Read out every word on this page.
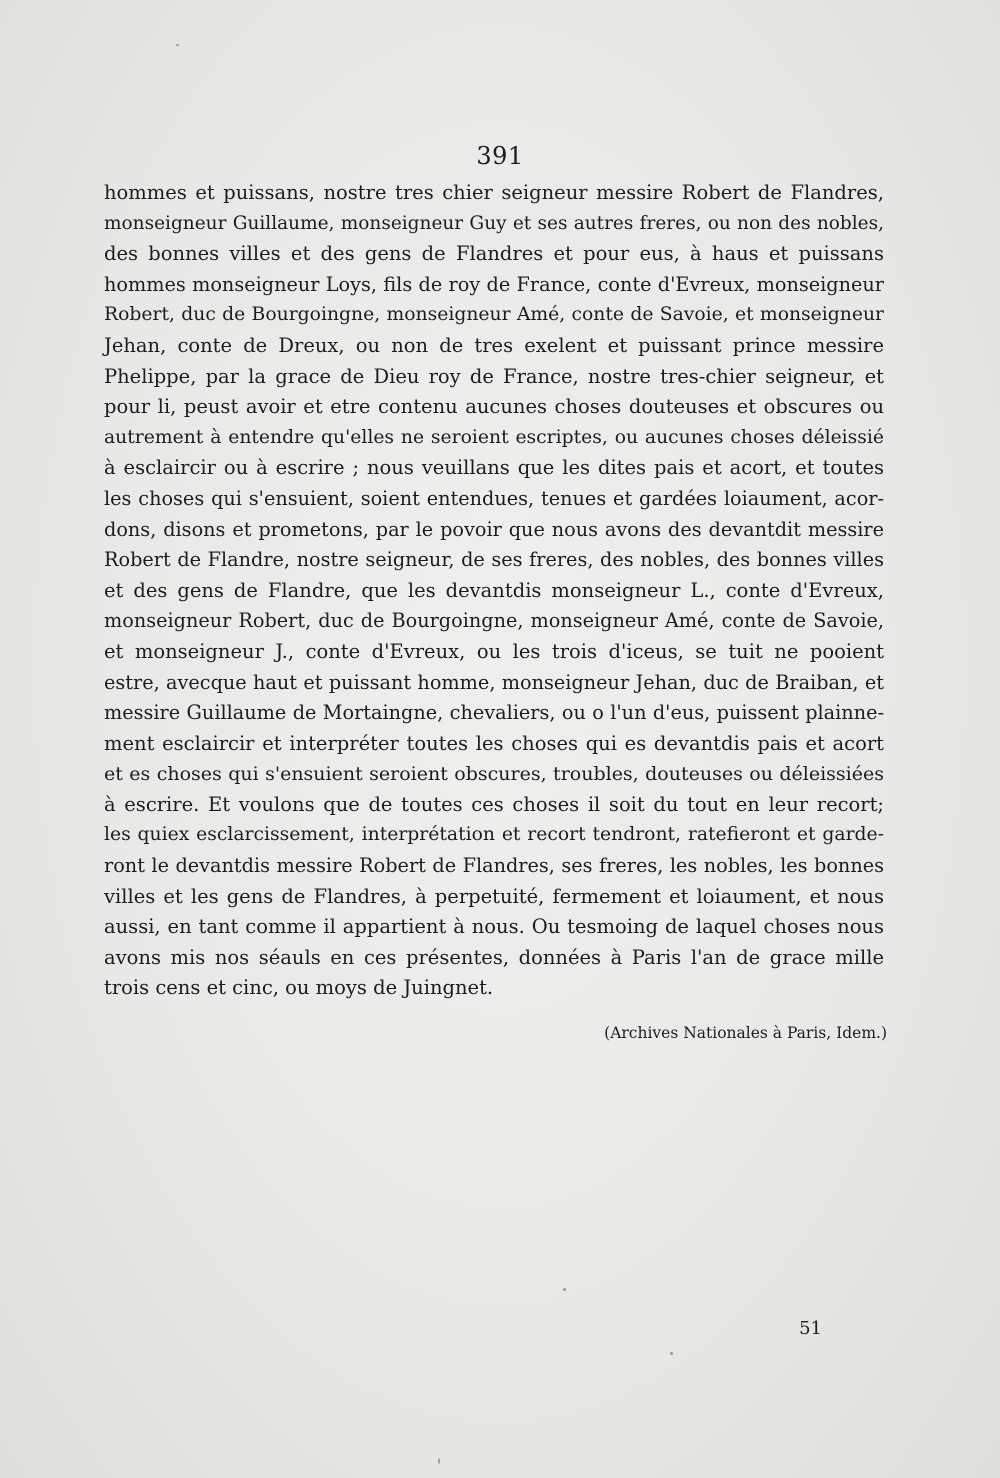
391
hommes et puissans, nostre tres chier seigneur messire Robert de Flandres,
monseigneur Guillaume, monseigneur Guy et ses autres freres, ou non des nobles,
des bonnes villes et des gens de Flandres et pour eus, à haus et puissans
hommes monseigneur Loys, fils de roy de France, conte d'Evreux, monseigneur
Robert, duc de Bourgoingne, monseigneur Amé, conte de Savoie, et monseigneur
Jehan, conte de Dreux, ou non de tres exelent et puissant prince messire
Phelippe, par la grace de Dieu roy de France, nostre tres-chier seigneur, et
pour li, peust avoir et etre contenu aucunes choses douteuses et obscures ou
autrement à entendre qu'elles ne seroient escriptes, ou aucunes choses déleissié
à esclaircir ou à escrire ; nous veuillans que les dites pais et acort, et toutes
les choses qui s'ensuient, soient entendues, tenues et gardées loiaument, acor-
dons, disons et prometons, par le povoir que nous avons des devantdit messire
Robert de Flandre, nostre seigneur, de ses freres, des nobles, des bonnes villes
et des gens de Flandre, que les devantdis monseigneur L., conte d'Evreux,
monseigneur Robert, duc de Bourgoingne, monseigneur Amé, conte de Savoie,
et monseigneur J., conte d'Evreux, ou les trois d'iceus, se tuit ne pooient
estre, avecque haut et puissant homme, monseigneur Jehan, duc de Braiban, et
messire Guillaume de Mortaingne, chevaliers, ou o l'un d'eus, puissent plainne-
ment esclaircir et interpréter toutes les choses qui es devantdis pais et acort
et es choses qui s'ensuient seroient obscures, troubles, douteuses ou déleissiées
à escrire. Et voulons que de toutes ces choses il soit du tout en leur recort;
les quiex esclarcissement, interprétation et recort tendront, ratefieront et garde-
ront le devantdis messire Robert de Flandres, ses freres, les nobles, les bonnes
villes et les gens de Flandres, à perpetuité, fermement et loiaument, et nous
aussi, en tant comme il appartient à nous. Ou tesmoing de laquel choses nous
avons mis nos séauls en ces présentes, données à Paris l'an de grace mille
trois cens et cinc, ou moys de Juingnet.
(Archives Nationales à Paris, Idem.)
51
